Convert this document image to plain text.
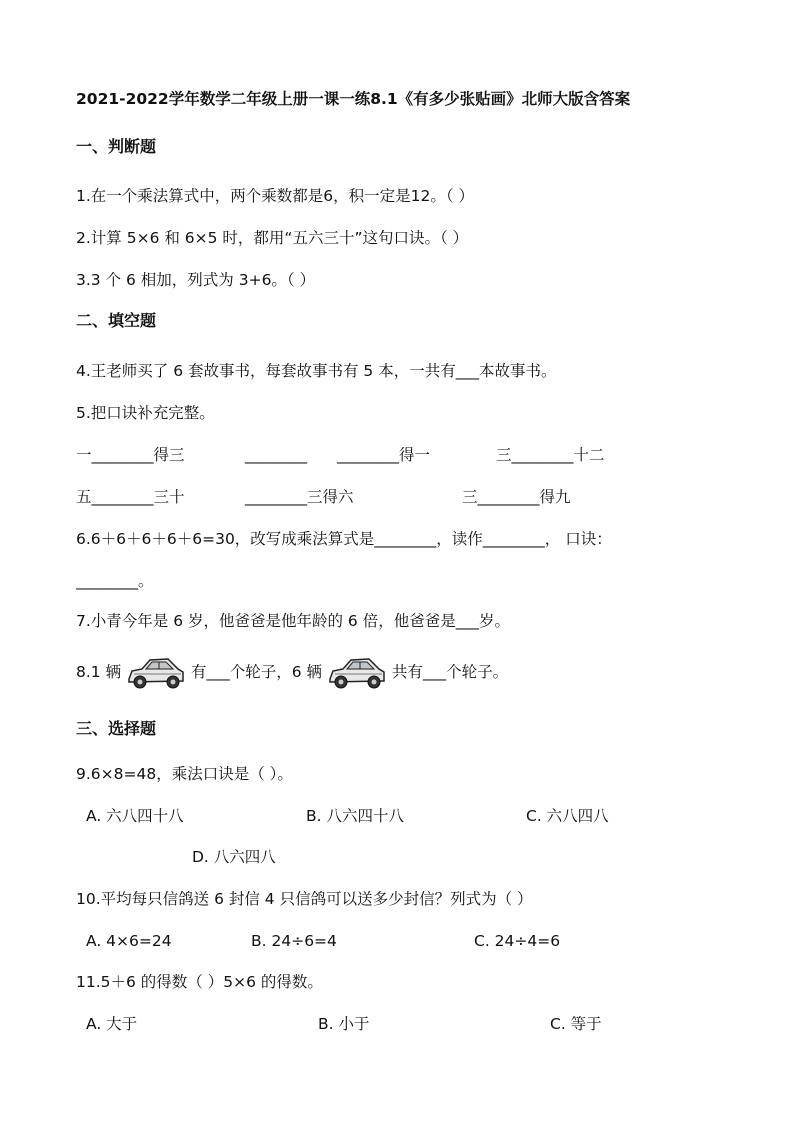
2021-2022学年数学二年级上册一课一练8.1《有多少张贴画》北师大版含答案
一、判断题
1.在一个乘法算式中，两个乘数都是6，积一定是12。（ ）
2.计算 5×6 和 6×5 时，都用“五六三十”这句口诀。（ ）
3.3 个 6 相加，列式为 3+6。（ ）
二、填空题
4.王老师买了 6 套故事书，每套故事书有 5 本，一共有___本故事书。
5.把口诀补充完整。
一________得三	________ ________得一	三________十二
五________三十	________三得六	三________得九
6.6＋6＋6＋6＋6=30，改写成乘法算式是________，读作________， 口诀：
________。
7.小青今年是 6 岁，他爸爸是他年龄的 6 倍，他爸爸是___岁。
8.1 辆	有___个轮子，6 辆	共有___个轮子。
三、选择题
9.6×8=48，乘法口诀是（ ）。
A. 六八四十八	B. 八六四十八	C. 六八四八
D. 八六四八
10.平均每只信鸽送 6 封信 4 只信鸽可以送多少封信？列式为（ ）
A. 4×6=24	B. 24÷6=4	C. 24÷4=6
11.5＋6 的得数（ ）5×6 的得数。
A. 大于	B. 小于	C. 等于
